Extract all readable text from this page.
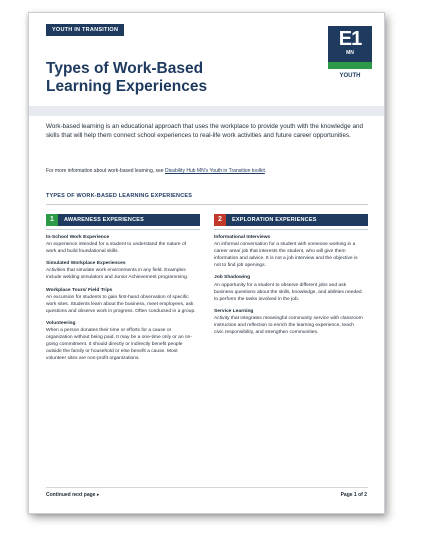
YOUTH IN TRANSITION	E1
MN
YOUTH
Types of Work-Based
Learning Experiences
Work-based learning is an educational approach that uses the workplace to provide youth with the knowledge and skills that will help them connect school experiences to real-life work activities and future career opportunities.
For more information about work-based learning, see Disability Hub MN's Youth in Transition toolkit.
TYPES OF WORK-BASED LEARNING EXPERIENCES
1	AWARENESS EXPERIENCES
In-School Work Experience
An experience intended for a student to understand the nature of work and build foundational skills.
Simulated Workplace Experiences
Activities that simulate work environments in any field. Examples include welding simulators and Junior Achievement programming.
Workplace Tours/ Field Trips
An excursion for students to gain first-hand observation of specific work sites. Students learn about the business, meet employees, ask questions and observe work in progress. Often conducted in a group.
Volunteering
When a person donates their time or efforts for a cause or organization without being paid. It may be a one-time only or an on-going commitment. It should directly or indirectly benefit people outside the family or household or else benefit a cause. Most volunteer sites are non-profit organizations.
2	EXPLORATION EXPERIENCES
Informational Interviews
An informal conversation for a student with someone working in a career area/ job that interests the student, who will give them information and advice. It is not a job interview and the objective is not to find job openings.
Job Shadowing
An opportunity for a student to observe different jobs and ask business questions about the skills, knowledge, and abilities needed to perform the tasks involved in the job.
Service Learning
Activity that integrates meaningful community service with classroom instruction and reflection to enrich the learning experience, teach civic responsibility, and strengthen communities.
Continued next page ▸	Page 1 of 2
